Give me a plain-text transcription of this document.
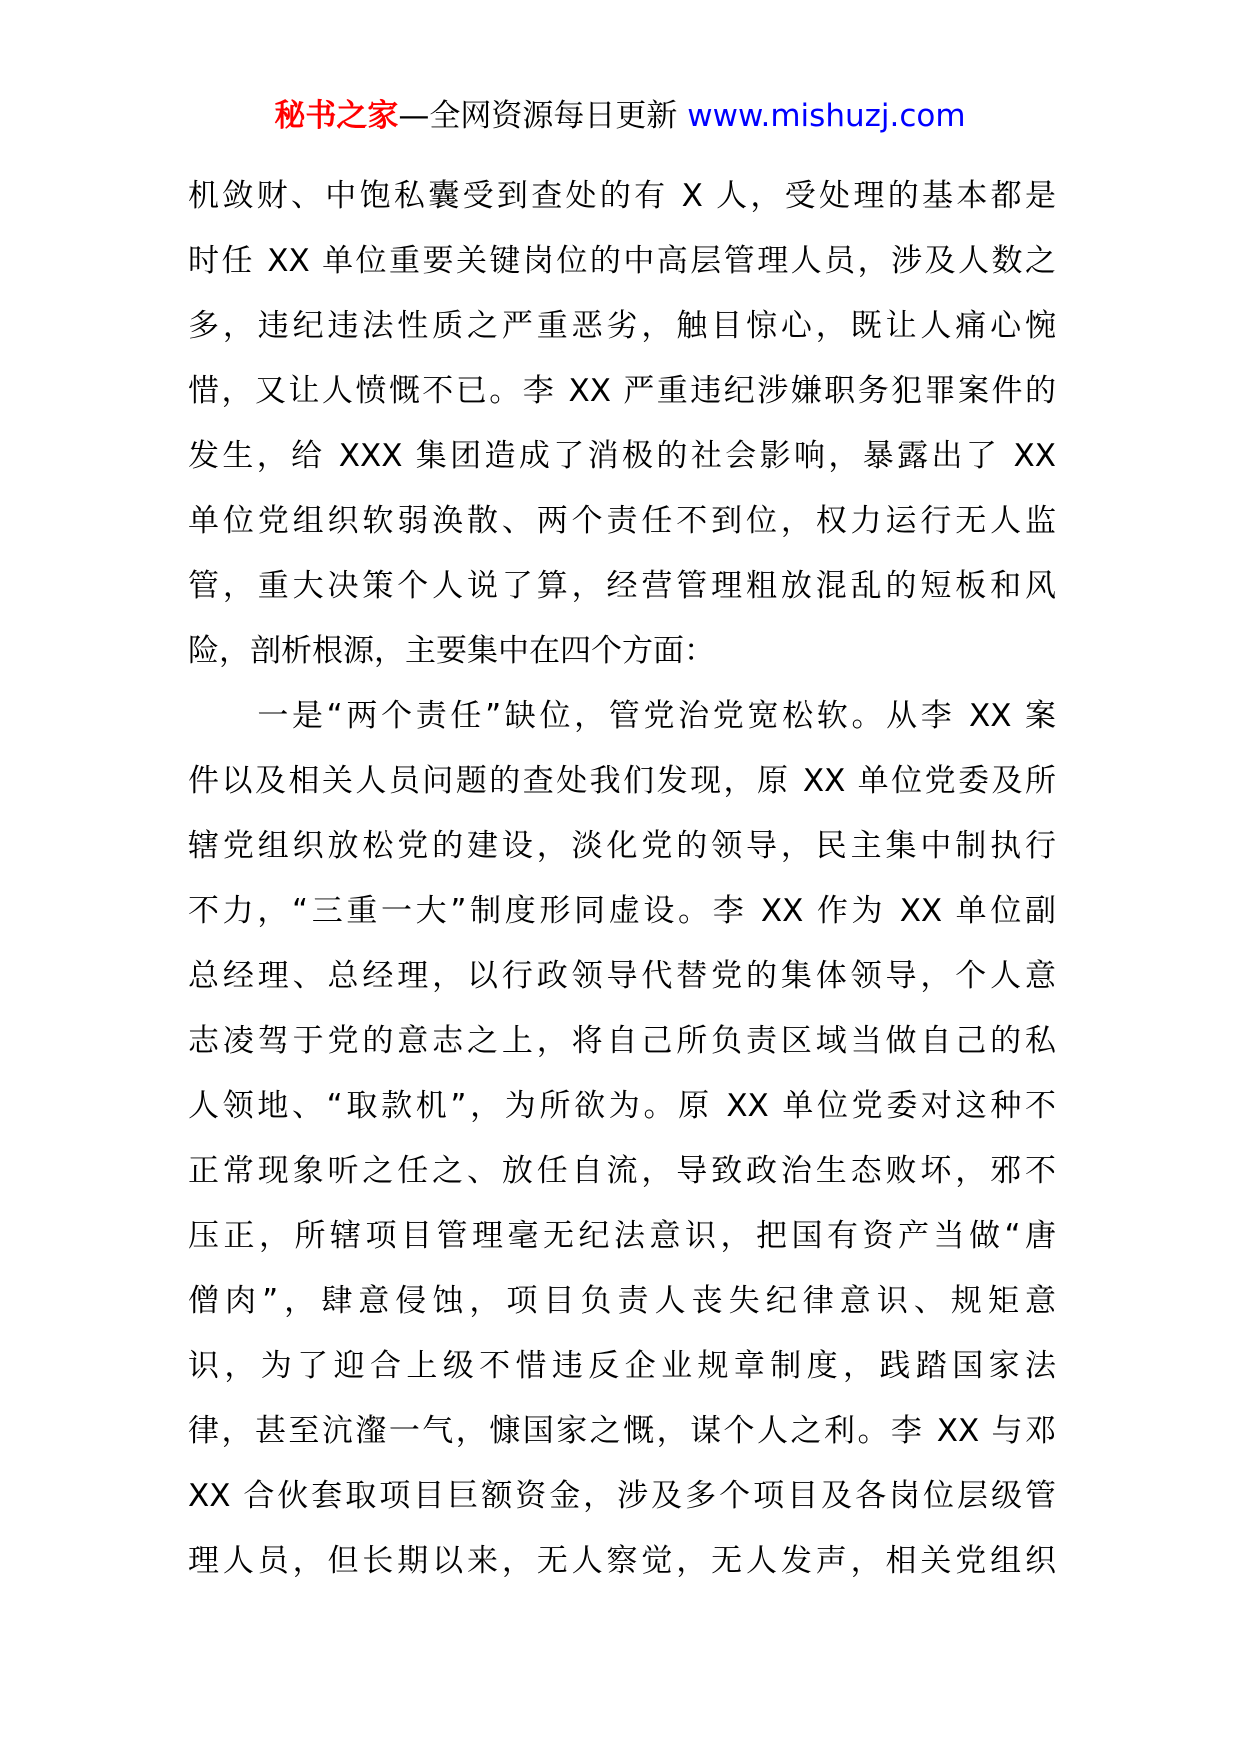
秘书之家—全网资源每日更新 www.mishuzj.com
机敛财、中饱私囊受到查处的有 X 人，受处理的基本都是
时任 XX 单位重要关键岗位的中高层管理人员，涉及人数之
多，违纪违法性质之严重恶劣，触目惊心，既让人痛心惋
惜，又让人愤慨不已。李 XX 严重违纪涉嫌职务犯罪案件的
发生，给 XXX 集团造成了消极的社会影响，暴露出了 XX
单位党组织软弱涣散、两个责任不到位，权力运行无人监
管，重大决策个人说了算，经营管理粗放混乱的短板和风
险，剖析根源，主要集中在四个方面：
　　一是“两个责任”缺位，管党治党宽松软。从李 XX 案
件以及相关人员问题的查处我们发现，原 XX 单位党委及所
辖党组织放松党的建设，淡化党的领导，民主集中制执行
不力，“三重一大”制度形同虚设。李 XX 作为 XX 单位副
总经理、总经理，以行政领导代替党的集体领导，个人意
志凌驾于党的意志之上，将自己所负责区域当做自己的私
人领地、“取款机”，为所欲为。原 XX 单位党委对这种不
正常现象听之任之、放任自流，导致政治生态败坏，邪不
压正，所辖项目管理毫无纪法意识，把国有资产当做“唐
僧肉”，肆意侵蚀，项目负责人丧失纪律意识、规矩意
识，为了迎合上级不惜违反企业规章制度，践踏国家法
律，甚至沆瀣一气，慷国家之慨，谋个人之利。李 XX 与邓
XX 合伙套取项目巨额资金，涉及多个项目及各岗位层级管
理人员，但长期以来，无人察觉，无人发声，相关党组织
